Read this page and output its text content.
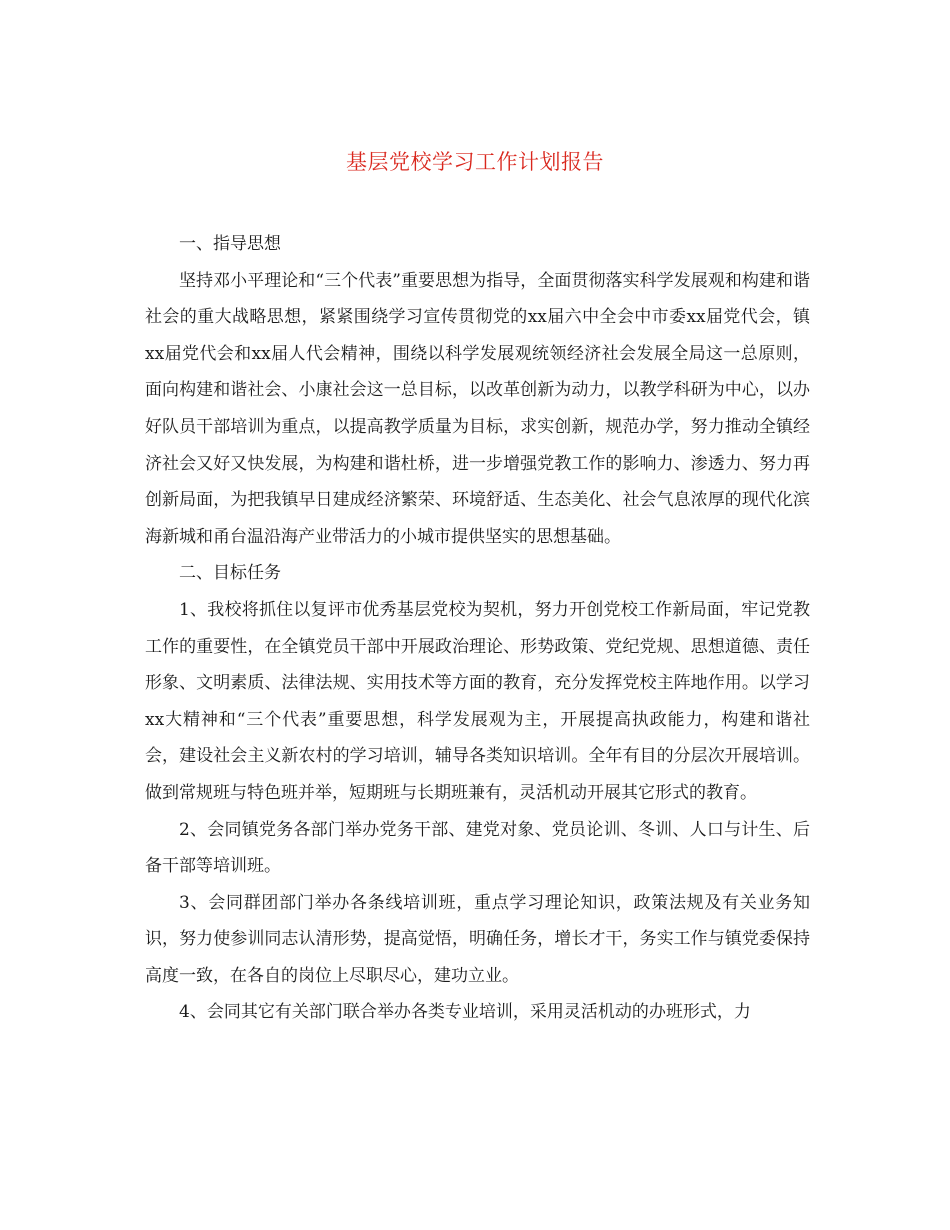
基层党校学习工作计划报告

一、指导思想

坚持邓小平理论和“三个代表”重要思想为指导，全面贯彻落实科学发展观和构建和谐社会的重大战略思想，紧紧围绕学习宣传贯彻党的xx届六中全会中市委xx届党代会，镇xx届党代会和xx届人代会精神，围绕以科学发展观统领经济社会发展全局这一总原则，面向构建和谐社会、小康社会这一总目标，以改革创新为动力，以教学科研为中心，以办好队员干部培训为重点，以提高教学质量为目标，求实创新，规范办学，努力推动全镇经济社会又好又快发展，为构建和谐杜桥，进一步增强党教工作的影响力、渗透力、努力再创新局面，为把我镇早日建成经济繁荣、环境舒适、生态美化、社会气息浓厚的现代化滨海新城和甬台温沿海产业带活力的小城市提供坚实的思想基础。

二、目标任务

1、我校将抓住以复评市优秀基层党校为契机，努力开创党校工作新局面，牢记党教工作的重要性，在全镇党员干部中开展政治理论、形势政策、党纪党规、思想道德、责任形象、文明素质、法律法规、实用技术等方面的教育，充分发挥党校主阵地作用。以学习xx大精神和“三个代表”重要思想，科学发展观为主，开展提高执政能力，构建和谐社会，建设社会主义新农村的学习培训，辅导各类知识培训。全年有目的分层次开展培训。做到常规班与特色班并举，短期班与长期班兼有，灵活机动开展其它形式的教育。

2、会同镇党务各部门举办党务干部、建党对象、党员论训、冬训、人口与计生、后备干部等培训班。

3、会同群团部门举办各条线培训班，重点学习理论知识，政策法规及有关业务知识，努力使参训同志认清形势，提高觉悟，明确任务，增长才干，务实工作与镇党委保持高度一致，在各自的岗位上尽职尽心，建功立业。

4、会同其它有关部门联合举办各类专业培训，采用灵活机动的办班形式，力
